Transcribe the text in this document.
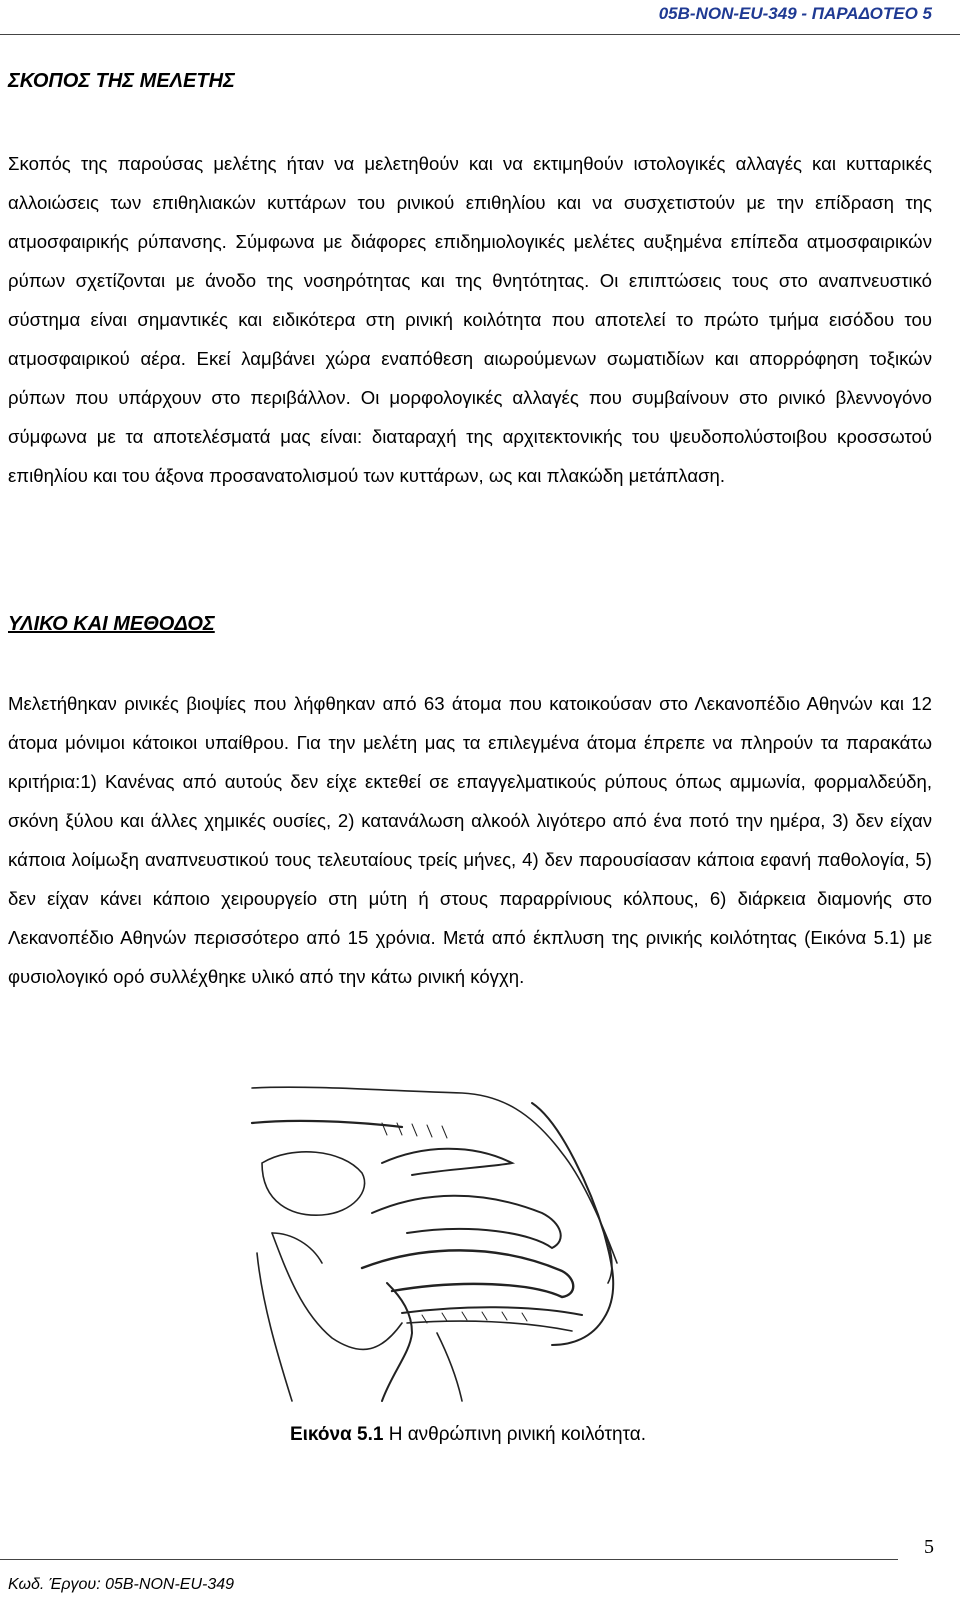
05B-NON-EU-349 - ΠΑΡΑΔΟΤΕΟ 5
ΣΚΟΠΟΣ ΤΗΣ ΜΕΛΕΤΗΣ

Σκοπός της παρούσας μελέτης ήταν να μελετηθούν και να εκτιμηθούν ιστολογικές αλλαγές και κυτταρικές αλλοιώσεις των επιθηλιακών κυττάρων του ρινικού επιθηλίου και να συσχετιστούν με την επίδραση της ατμοσφαιρικής ρύπανσης. Σύμφωνα με διάφορες επιδημιολογικές μελέτες αυξημένα επίπεδα ατμοσφαιρικών ρύπων σχετίζονται με άνοδο της νοσηρότητας και της θνητότητας. Οι επιπτώσεις τους στο αναπνευστικό σύστημα είναι σημαντικές και ειδικότερα στη ρινική κοιλότητα που αποτελεί το πρώτο τμήμα εισόδου του ατμοσφαιρικού αέρα. Εκεί λαμβάνει χώρα εναπόθεση αιωρούμενων σωματιδίων και απορρόφηση τοξικών ρύπων που υπάρχουν στο περιβάλλον. Οι μορφολογικές αλλαγές που συμβαίνουν στο ρινικό βλεννογόνο σύμφωνα με τα αποτελέσματά μας είναι: διαταραχή της αρχιτεκτονικής του ψευδοπολύστοιβου κροσσωτού επιθηλίου και του άξονα προσανατολισμού των κυττάρων, ως και πλακώδη μετάπλαση.

ΥΛΙΚΟ ΚΑΙ ΜΕΘΟΔΟΣ

Μελετήθηκαν ρινικές βιοψίες που λήφθηκαν από 63 άτομα που κατοικούσαν στο Λεκανοπέδιο Αθηνών και 12 άτομα μόνιμοι κάτοικοι υπαίθρου. Για την μελέτη μας τα επιλεγμένα άτομα έπρεπε να πληρούν τα παρακάτω κριτήρια:1) Κανένας από αυτούς δεν είχε εκτεθεί σε επαγγελματικούς ρύπους όπως αμμωνία, φορμαλδεύδη, σκόνη ξύλου και άλλες χημικές ουσίες, 2) κατανάλωση αλκοόλ λιγότερο από ένα ποτό την ημέρα, 3) δεν είχαν κάποια λοίμωξη αναπνευστικού τους τελευταίους τρείς μήνες, 4) δεν παρουσίασαν κάποια εφανή παθολογία, 5) δεν είχαν κάνει κάποιο χειρουργείο στη μύτη ή στους παραρρίνιους κόλπους, 6) διάρκεια διαμονής στο Λεκανοπέδιο Αθηνών περισσότερο από 15 χρόνια. Μετά από έκπλυση της ρινικής κοιλότητας (Εικόνα 5.1) με φυσιολογικό ορό συλλέχθηκε υλικό από την κάτω ρινική κόγχη.

Εικόνα 5.1 Η ανθρώπινη ρινική κοιλότητα.
Κωδ. Έργου: 05B-NON-EU-349
5
